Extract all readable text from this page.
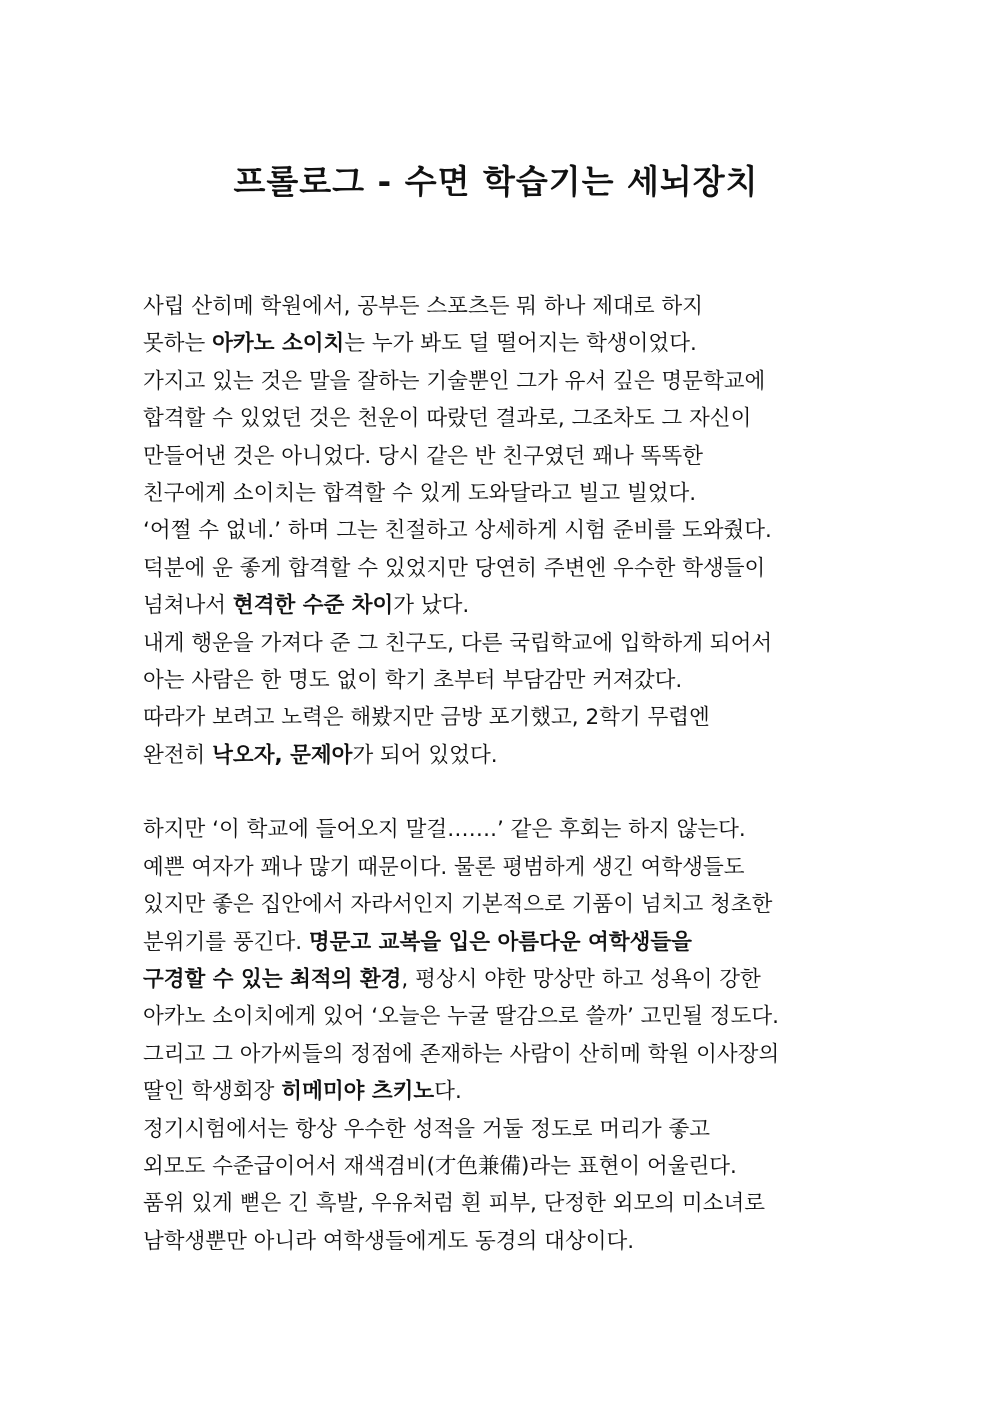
프롤로그 - 수면 학습기는 세뇌장치
사립 산히메 학원에서, 공부든 스포츠든 뭐 하나 제대로 하지
못하는 아카노 소이치는 누가 봐도 덜 떨어지는 학생이었다.
가지고 있는 것은 말을 잘하는 기술뿐인 그가 유서 깊은 명문학교에
합격할 수 있었던 것은 천운이 따랐던 결과로, 그조차도 그 자신이
만들어낸 것은 아니었다. 당시 같은 반 친구였던 꽤나 똑똑한
친구에게 소이치는 합격할 수 있게 도와달라고 빌고 빌었다.
‘어쩔 수 없네.’ 하며 그는 친절하고 상세하게 시험 준비를 도와줬다.
덕분에 운 좋게 합격할 수 있었지만 당연히 주변엔 우수한 학생들이
넘쳐나서 현격한 수준 차이가 났다.
내게 행운을 가져다 준 그 친구도, 다른 국립학교에 입학하게 되어서
아는 사람은 한 명도 없이 학기 초부터 부담감만 커져갔다.
따라가 보려고 노력은 해봤지만 금방 포기했고, 2학기 무렵엔
완전히 낙오자, 문제아가 되어 있었다.
하지만 ‘이 학교에 들어오지 말걸…….’ 같은 후회는 하지 않는다.
예쁜 여자가 꽤나 많기 때문이다. 물론 평범하게 생긴 여학생들도
있지만 좋은 집안에서 자라서인지 기본적으로 기품이 넘치고 청초한
분위기를 풍긴다. 명문고 교복을 입은 아름다운 여학생들을
구경할 수 있는 최적의 환경, 평상시 야한 망상만 하고 성욕이 강한
아카노 소이치에게 있어 ‘오늘은 누굴 딸감으로 쓸까’ 고민될 정도다.
그리고 그 아가씨들의 정점에 존재하는 사람이 산히메 학원 이사장의
딸인 학생회장 히메미야 츠키노다.
정기시험에서는 항상 우수한 성적을 거둘 정도로 머리가 좋고
외모도 수준급이어서 재색겸비(才色兼備)라는 표현이 어울린다.
품위 있게 뻗은 긴 흑발, 우유처럼 흰 피부, 단정한 외모의 미소녀로
남학생뿐만 아니라 여학생들에게도 동경의 대상이다.
